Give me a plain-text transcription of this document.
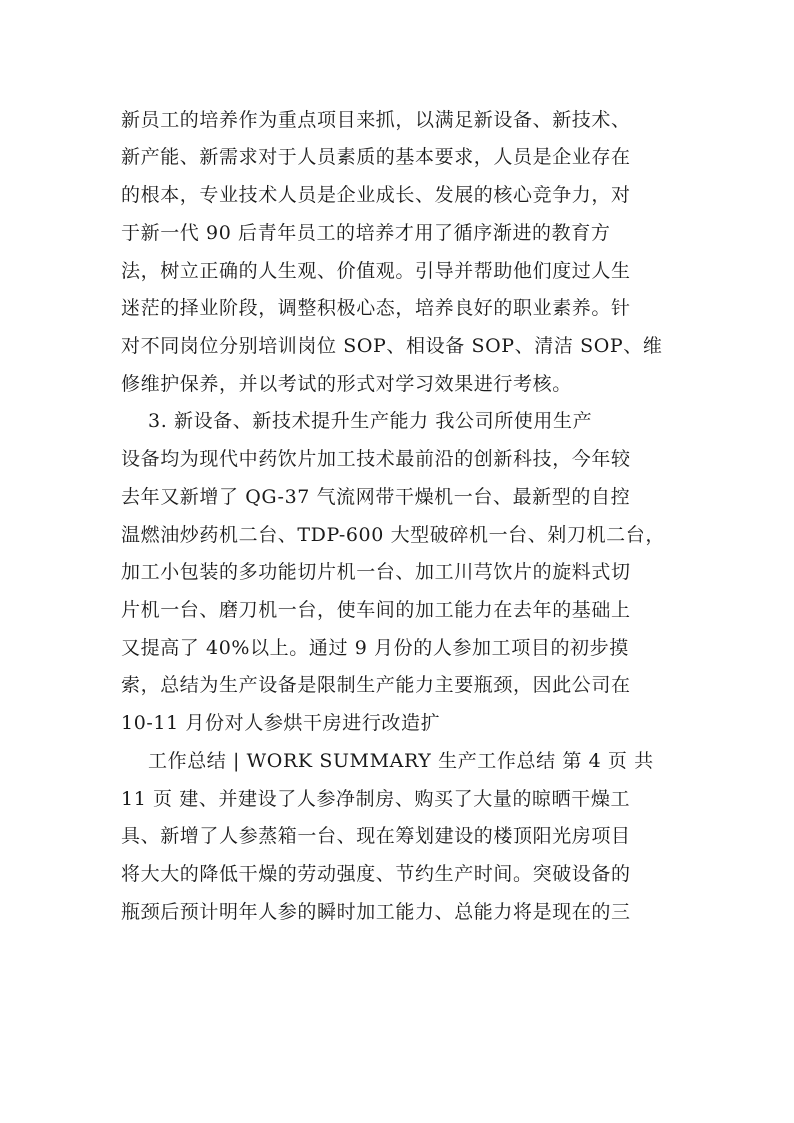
新员工的培养作为重点项目来抓，以满足新设备、新技术、
新产能、新需求对于人员素质的基本要求，人员是企业存在
的根本，专业技术人员是企业成长、发展的核心竞争力，对
于新一代 90 后青年员工的培养才用了循序渐进的教育方
法，树立正确的人生观、价值观。引导并帮助他们度过人生
迷茫的择业阶段，调整积极心态，培养良好的职业素养。针
对不同岗位分别培训岗位 SOP、相设备 SOP、清洁 SOP、维
修维护保养，并以考试的形式对学习效果进行考核。
3. 新设备、新技术提升生产能力 我公司所使用生产
设备均为现代中药饮片加工技术最前沿的创新科技，今年较
去年又新增了 QG-37 气流网带干燥机一台、最新型的自控
温燃油炒药机二台、TDP-600 大型破碎机一台、剁刀机二台，
加工小包装的多功能切片机一台、加工川芎饮片的旋料式切
片机一台、磨刀机一台，使车间的加工能力在去年的基础上
又提高了 40%以上。通过 9 月份的人参加工项目的初步摸
索，总结为生产设备是限制生产能力主要瓶颈，因此公司在
10-11 月份对人参烘干房进行改造扩
工作总结 | WORK SUMMARY 生产工作总结 第 4 页 共
11 页 建、并建设了人参净制房、购买了大量的晾晒干燥工
具、新增了人参蒸箱一台、现在筹划建设的楼顶阳光房项目
将大大的降低干燥的劳动强度、节约生产时间。突破设备的
瓶颈后预计明年人参的瞬时加工能力、总能力将是现在的三
